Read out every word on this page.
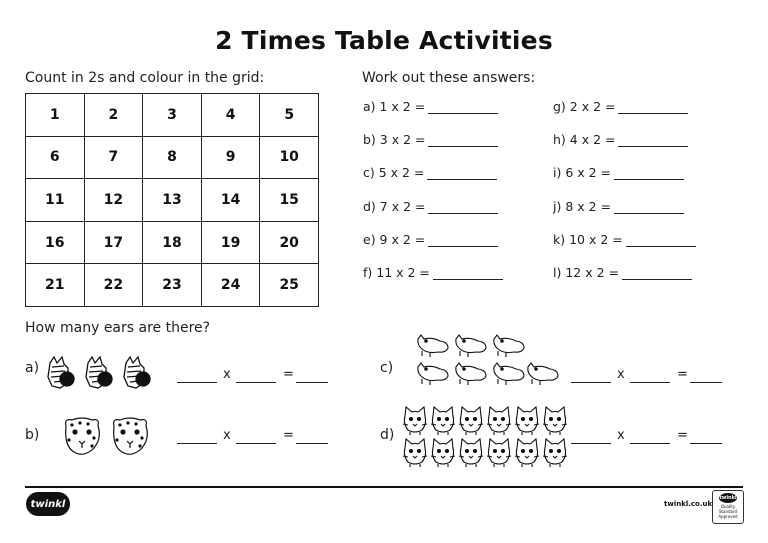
2 Times Table Activities
Count in 2s and colour in the grid:
1	2	3	4	5
6	7	8	9	10
11	12	13	14	15
16	17	18	19	20
21	22	23	24	25
Work out these answers:
a) 1 x 2 =
b) 3 x 2 =
c) 5 x 2 =
d) 7 x 2 =
e) 9 x 2 =
f) 11 x 2 =
g) 2 x 2 =
h) 4 x 2 =
i) 6 x 2 =
j) 8 x 2 =
k) 10 x 2 =
l) 12 x 2 =
How many ears are there?
a)
b)
c)
d)
x	=
x	=
x	=
x	=
twinkl	twinkl.co.uk
twinkl
Quality Standard Approved
